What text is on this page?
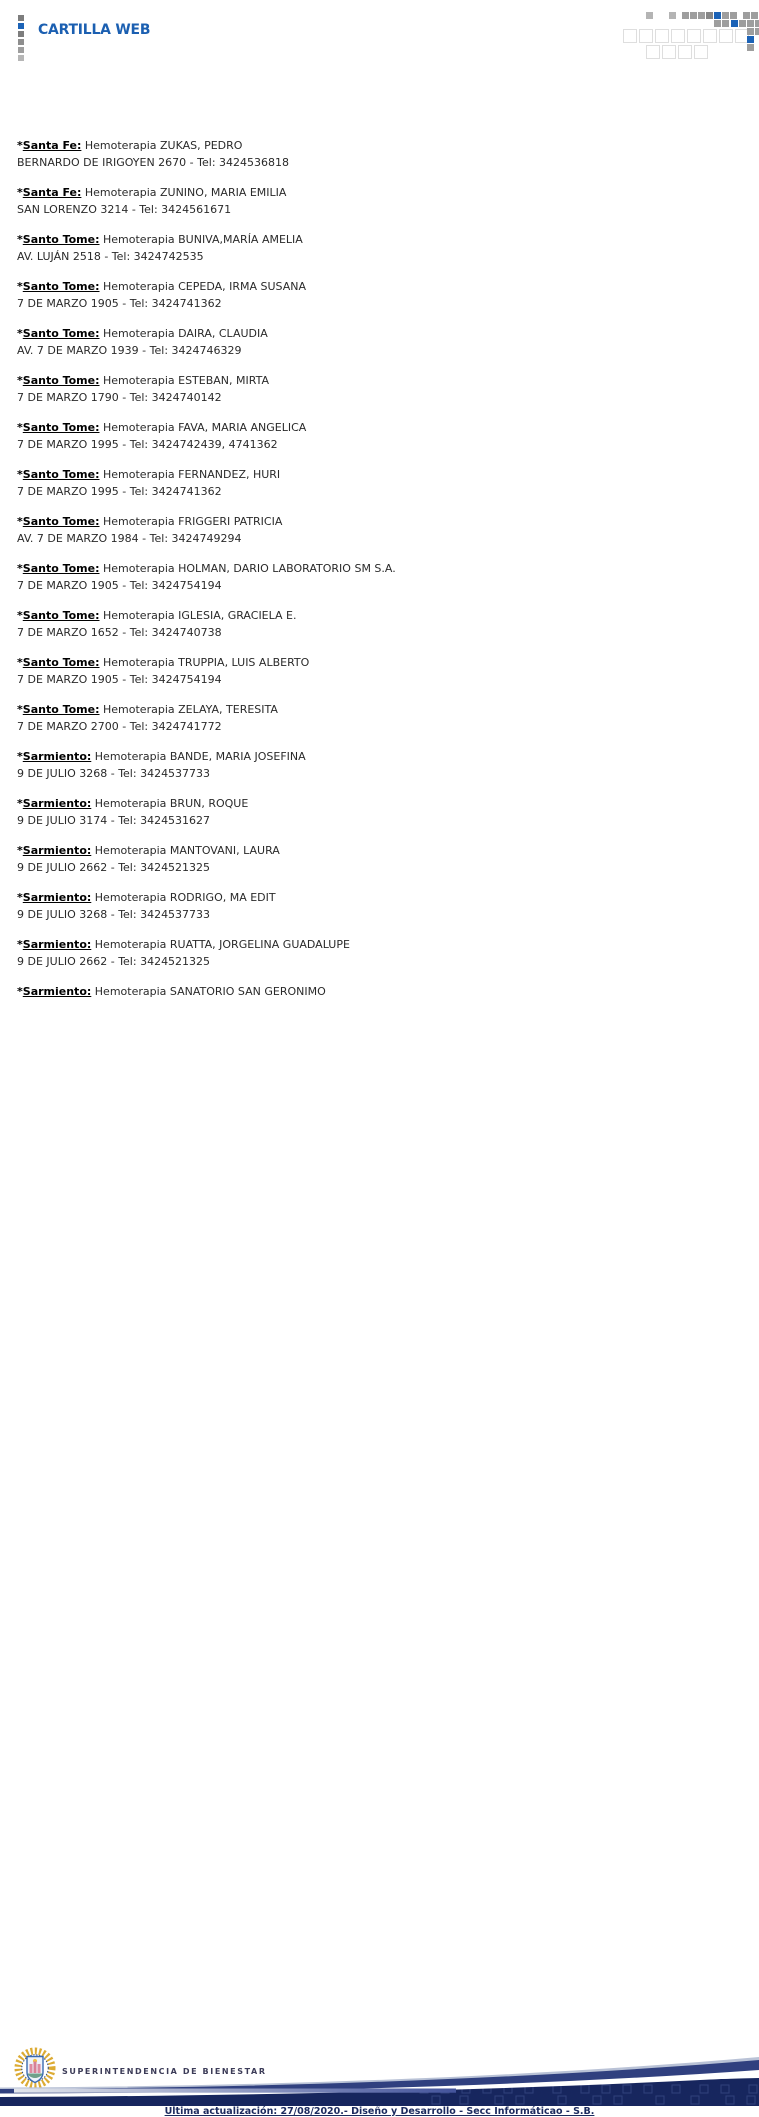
CARTILLA WEB
*Santa Fe: Hemoterapia ZUKAS, PEDRO
BERNARDO DE IRIGOYEN 2670 - Tel: 3424536818
*Santa Fe: Hemoterapia ZUNINO, MARIA EMILIA
SAN LORENZO 3214 - Tel: 3424561671
*Santo Tome: Hemoterapia BUNIVA,MARÍA AMELIA
AV. LUJÁN 2518 - Tel: 3424742535
*Santo Tome: Hemoterapia CEPEDA, IRMA SUSANA
7 DE MARZO 1905 - Tel: 3424741362
*Santo Tome: Hemoterapia DAIRA, CLAUDIA
AV. 7 DE MARZO 1939 - Tel: 3424746329
*Santo Tome: Hemoterapia ESTEBAN, MIRTA
7 DE MARZO 1790 - Tel: 3424740142
*Santo Tome: Hemoterapia FAVA, MARIA ANGELICA
7 DE MARZO 1995 - Tel: 3424742439, 4741362
*Santo Tome: Hemoterapia FERNANDEZ, HURI
7 DE MARZO 1995 - Tel: 3424741362
*Santo Tome: Hemoterapia FRIGGERI PATRICIA
AV. 7 DE MARZO 1984 - Tel: 3424749294
*Santo Tome: Hemoterapia HOLMAN, DARIO LABORATORIO SM S.A.
7 DE MARZO 1905 - Tel: 3424754194
*Santo Tome: Hemoterapia IGLESIA, GRACIELA E.
7 DE MARZO 1652 - Tel: 3424740738
*Santo Tome: Hemoterapia TRUPPIA, LUIS ALBERTO
7 DE MARZO 1905 - Tel: 3424754194
*Santo Tome: Hemoterapia ZELAYA, TERESITA
7 DE MARZO 2700 - Tel: 3424741772
*Sarmiento: Hemoterapia BANDE, MARIA JOSEFINA
9 DE JULIO 3268 - Tel: 3424537733
*Sarmiento: Hemoterapia BRUN, ROQUE
9 DE JULIO 3174 - Tel: 3424531627
*Sarmiento: Hemoterapia MANTOVANI, LAURA
9 DE JULIO 2662 - Tel: 3424521325
*Sarmiento: Hemoterapia RODRIGO, MA EDIT
9 DE JULIO 3268 - Tel: 3424537733
*Sarmiento: Hemoterapia RUATTA, JORGELINA GUADALUPE
9 DE JULIO 2662 - Tel: 3424521325
*Sarmiento: Hemoterapia SANATORIO SAN GERONIMO
SUPERINTENDENCIA DE BIENESTAR
Última actualización: 27/08/2020.- Diseño y Desarrollo - Secc Informáticao - S.B.
